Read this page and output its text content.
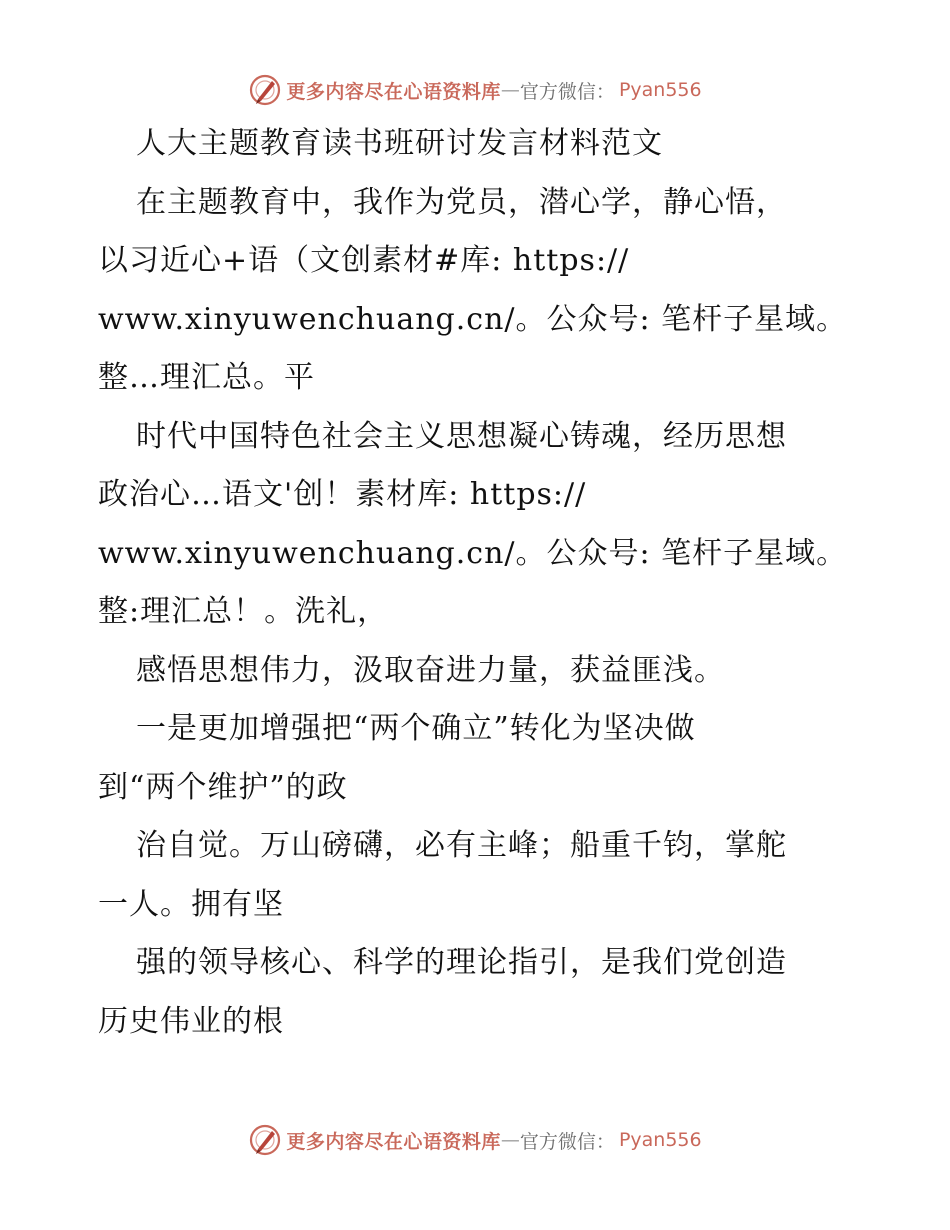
更多内容尽在心语资料库 — 官方微信 ： Pyan556
人大主题教育读书班研讨发言材料范文
在主题教育中，我作为党员，潜心学，静心悟，
以习近心+语（文创素材#库: https://
www.xinyuwenchuang.cn/。公众号: 笔杆子星域。
整…理汇总。平
时代中国特色社会主义思想凝心铸魂，经历思想
政治心…语文'创！素材库: https://
www.xinyuwenchuang.cn/。公众号: 笔杆子星域。
整:理汇总！。洗礼，
感悟思想伟力，汲取奋进力量，获益匪浅。
一是更加增强把“两个确立”转化为坚决做
到“两个维护”的政
治自觉。万山磅礴，必有主峰；船重千钧，掌舵
一人。拥有坚
强的领导核心、科学的理论指引，是我们党创造
历史伟业的根
更多内容尽在心语资料库 — 官方微信 ： Pyan556
